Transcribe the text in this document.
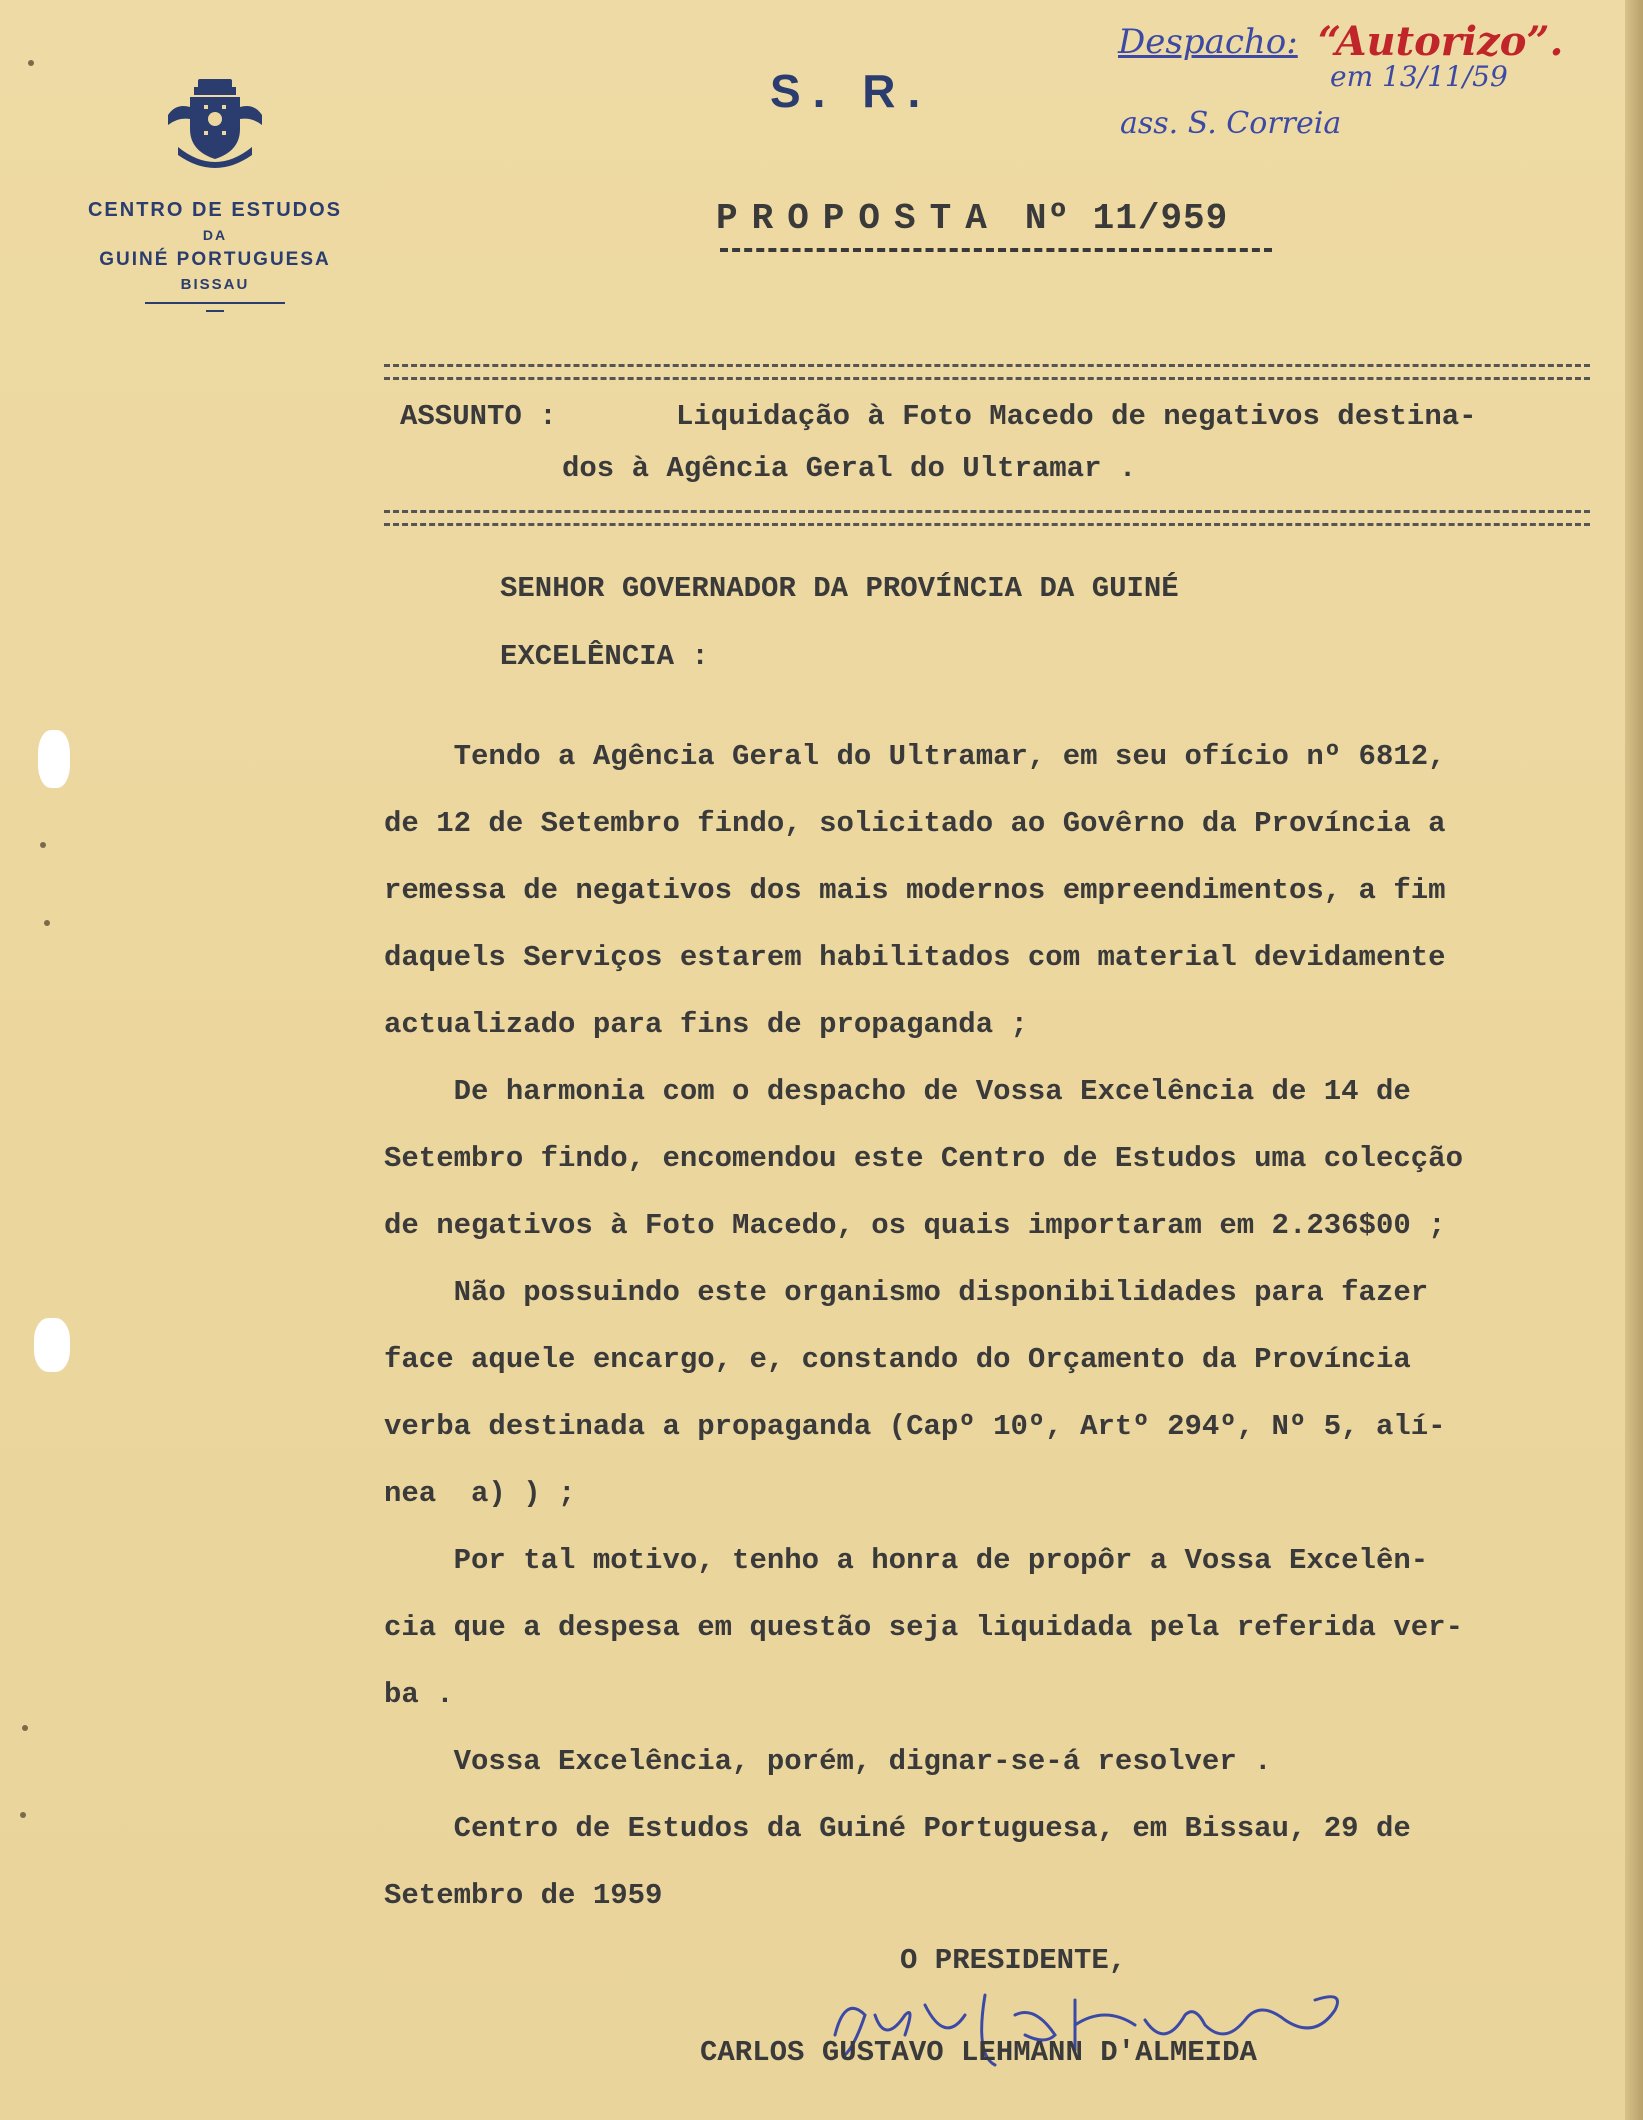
CENTRO DE ESTUDOS
DA
GUINÉ PORTUGUESA
BISSAU
S. R.
Despacho: “Autorizo”.
em 13/11/59
ass. S. Correia
PROPOSTA Nº 11/959
ASSUNTO :	Liquidação à Foto Macedo de negativos destina-
dos à Agência Geral do Ultramar .
SENHOR GOVERNADOR DA PROVÍNCIA DA GUINÉ
EXCELÊNCIA :
Tendo a Agência Geral do Ultramar, em seu ofício nº 6812,
de 12 de Setembro findo, solicitado ao Govêrno da Província a
remessa de negativos dos mais modernos empreendimentos, a fim
daquels Serviços estarem habilitados com material devidamente
actualizado para fins de propaganda ;
De harmonia com o despacho de Vossa Excelência de 14 de
Setembro findo, encomendou este Centro de Estudos uma colecção
de negativos à Foto Macedo, os quais importaram em 2.236$00 ;
Não possuindo este organismo disponibilidades para fazer
face aquele encargo, e, constando do Orçamento da Província
verba destinada a propaganda (Capº 10º, Artº 294º, Nº 5, alí-
nea  a) ) ;
Por tal motivo, tenho a honra de propôr a Vossa Excelên-
cia que a despesa em questão seja liquidada pela referida ver-
ba .
Vossa Excelência, porém, dignar-se-á resolver .
Centro de Estudos da Guiné Portuguesa, em Bissau, 29 de
Setembro de 1959
O PRESIDENTE,
CARLOS GUSTAVO LEHMANN D'ALMEIDA
